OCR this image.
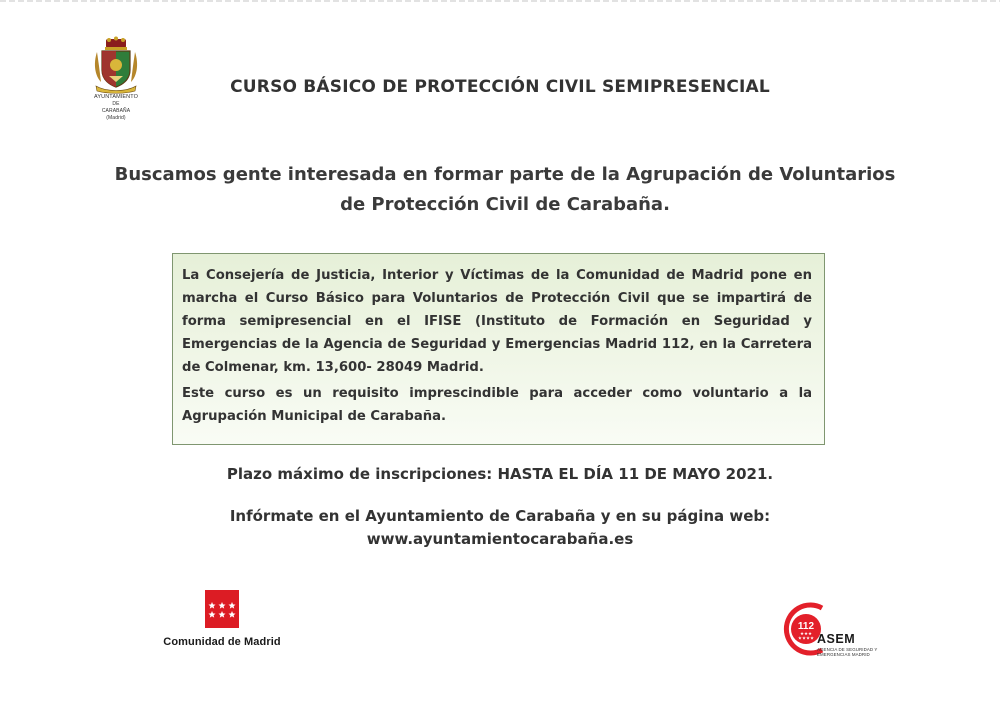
AYUNTAMIENTO
DE
CARABAÑA
(Madrid)
CURSO BÁSICO DE PROTECCIÓN CIVIL SEMIPRESENCIAL
Buscamos gente interesada en formar parte de la Agrupación de Voluntarios de Protección Civil de Carabaña.

La Consejería de Justicia, Interior y Víctimas de la Comunidad de Madrid pone en marcha el Curso Básico para Voluntarios de Protección Civil que se impartirá de forma semipresencial en el IFISE (Instituto de Formación en Seguridad y Emergencias de la Agencia de Seguridad y Emergencias Madrid 112, en la Carretera de Colmenar, km. 13,600- 28049 Madrid.

Este curso es un requisito imprescindible para acceder como voluntario a la Agrupación Municipal de Carabaña.

Plazo máximo de inscripciones: HASTA EL DÍA 11 DE MAYO 2021.
Infórmate en el Ayuntamiento de Carabaña y en su página web:
www.ayuntamientocarabaña.es
Comunidad de Madrid
112
★★★
★★★★ ASEM
AGENCIA DE SEGURIDAD Y EMERGENCIAS MADRID
